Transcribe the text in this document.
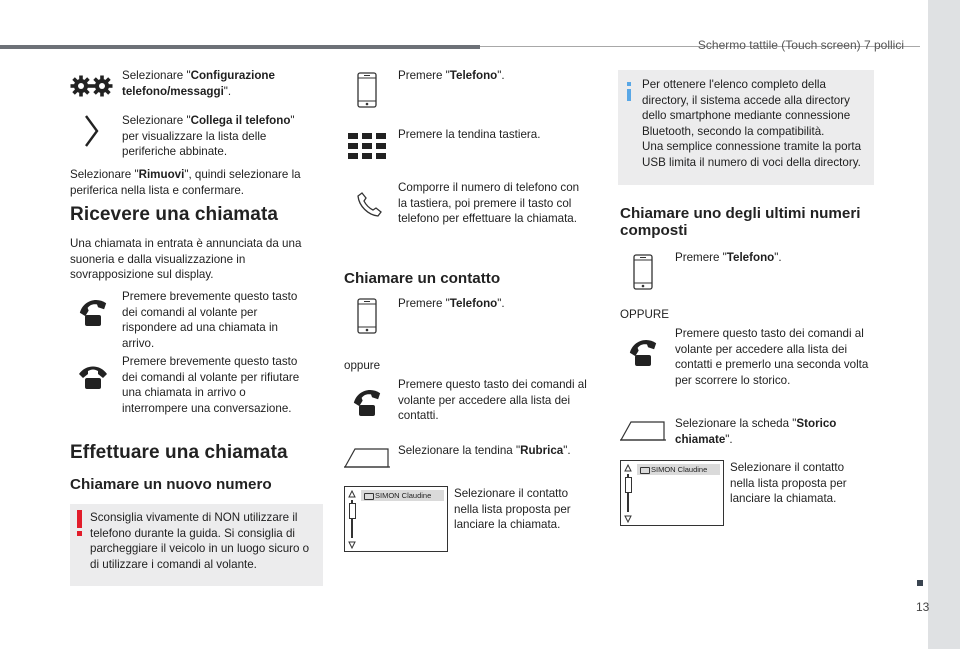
Schermo tattile (Touch screen) 7 pollici
13
Selezionare "Configurazione telefono/messaggi".
Selezionare "Collega il telefono" per visualizzare la lista delle periferiche abbinate.
Selezionare "Rimuovi", quindi selezionare la periferica nella lista e confermare.
Ricevere una chiamata
Una chiamata in entrata è annunciata da una suoneria e dalla visualizzazione in sovrapposizione sul display.
Premere brevemente questo tasto dei comandi al volante per rispondere ad una chiamata in arrivo.
Premere brevemente questo tasto dei comandi al volante per rifiutare una chiamata in arrivo o interrompere una conversazione.
Effettuare una chiamata
Chiamare un nuovo numero
Sconsiglia vivamente di NON utilizzare il telefono durante la guida. Si consiglia di parcheggiare il veicolo in un luogo sicuro o di utilizzare i comandi al volante.
Premere "Telefono".
Premere la tendina tastiera.
Comporre il numero di telefono con la tastiera, poi premere il tasto col telefono per effettuare la chiamata.
Chiamare un contatto
Premere "Telefono".
oppure
Premere questo tasto dei comandi al volante per accedere alla lista dei contatti.
Selezionare la tendina "Rubrica".
SIMON Claudine	Selezionare il contatto nella lista proposta per lanciare la chiamata.
Per ottenere l'elenco completo della directory, il sistema accede alla directory dello smartphone mediante connessione Bluetooth, secondo la compatibilità.
Una semplice connessione tramite la porta USB limita il numero di voci della directory.
Chiamare uno degli ultimi numeri composti
Premere "Telefono".
OPPURE
Premere questo tasto dei comandi al volante per accedere alla lista dei contatti e premerlo una seconda volta per scorrere lo storico.
Selezionare la scheda "Storico chiamate".
SIMON Claudine	Selezionare il contatto nella lista proposta per lanciare la chiamata.
